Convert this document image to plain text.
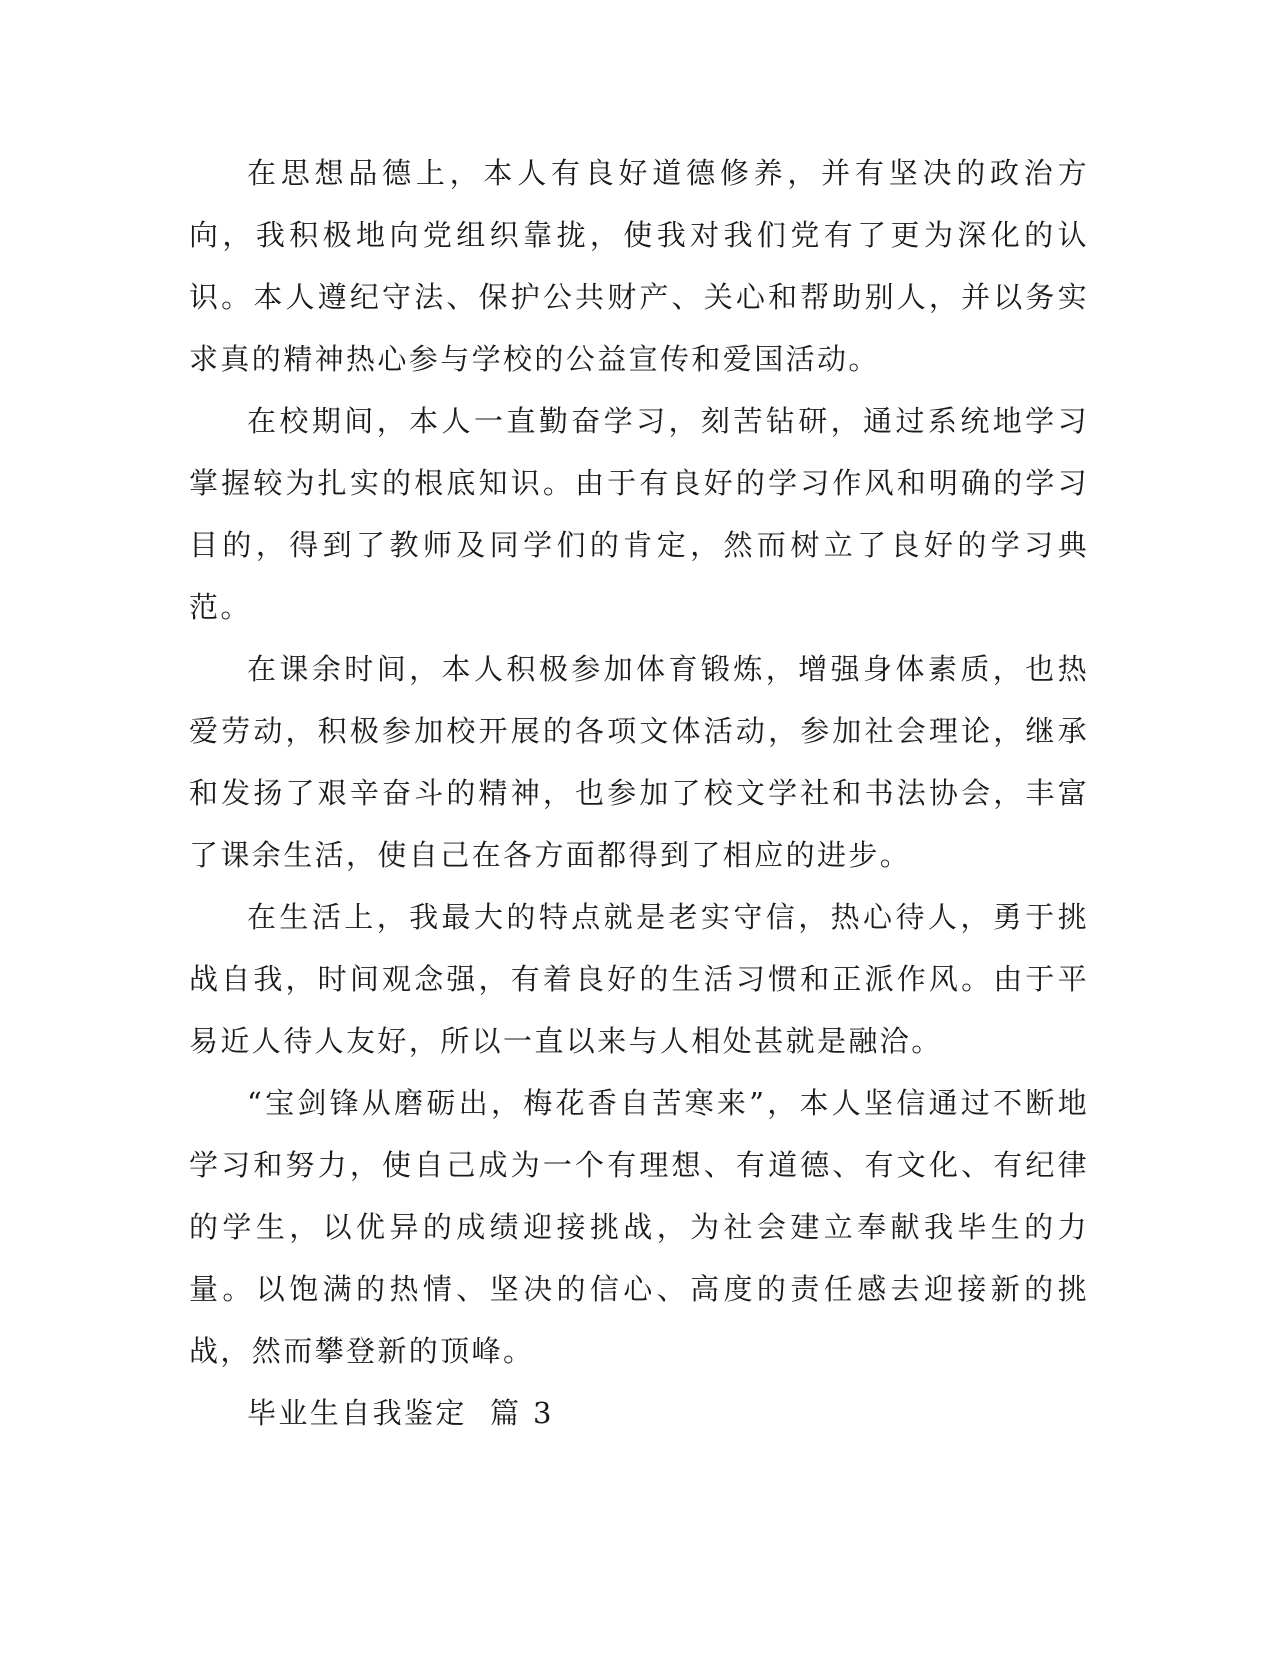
在思想品德上，本人有良好道德修养，并有坚决的政治方向，我积极地向党组织靠拢，使我对我们党有了更为深化的认识。本人遵纪守法、保护公共财产、关心和帮助别人，并以务实求真的精神热心参与学校的公益宣传和爱国活动。

在校期间，本人一直勤奋学习，刻苦钻研，通过系统地学习掌握较为扎实的根底知识。由于有良好的学习作风和明确的学习目的，得到了教师及同学们的肯定，然而树立了良好的学习典范。

在课余时间，本人积极参加体育锻炼，增强身体素质，也热爱劳动，积极参加校开展的各项文体活动，参加社会理论，继承和发扬了艰辛奋斗的精神，也参加了校文学社和书法协会，丰富了课余生活，使自己在各方面都得到了相应的进步。

在生活上，我最大的特点就是老实守信，热心待人，勇于挑战自我，时间观念强，有着良好的生活习惯和正派作风。由于平易近人待人友好，所以一直以来与人相处甚就是融洽。

“宝剑锋从磨砺出，梅花香自苦寒来”，本人坚信通过不断地学习和努力，使自己成为一个有理想、有道德、有文化、有纪律的学生，以优异的成绩迎接挑战，为社会建立奉献我毕生的力量。以饱满的热情、坚决的信心、高度的责任感去迎接新的挑战，然而攀登新的顶峰。

毕业生自我鉴定  篇 3
